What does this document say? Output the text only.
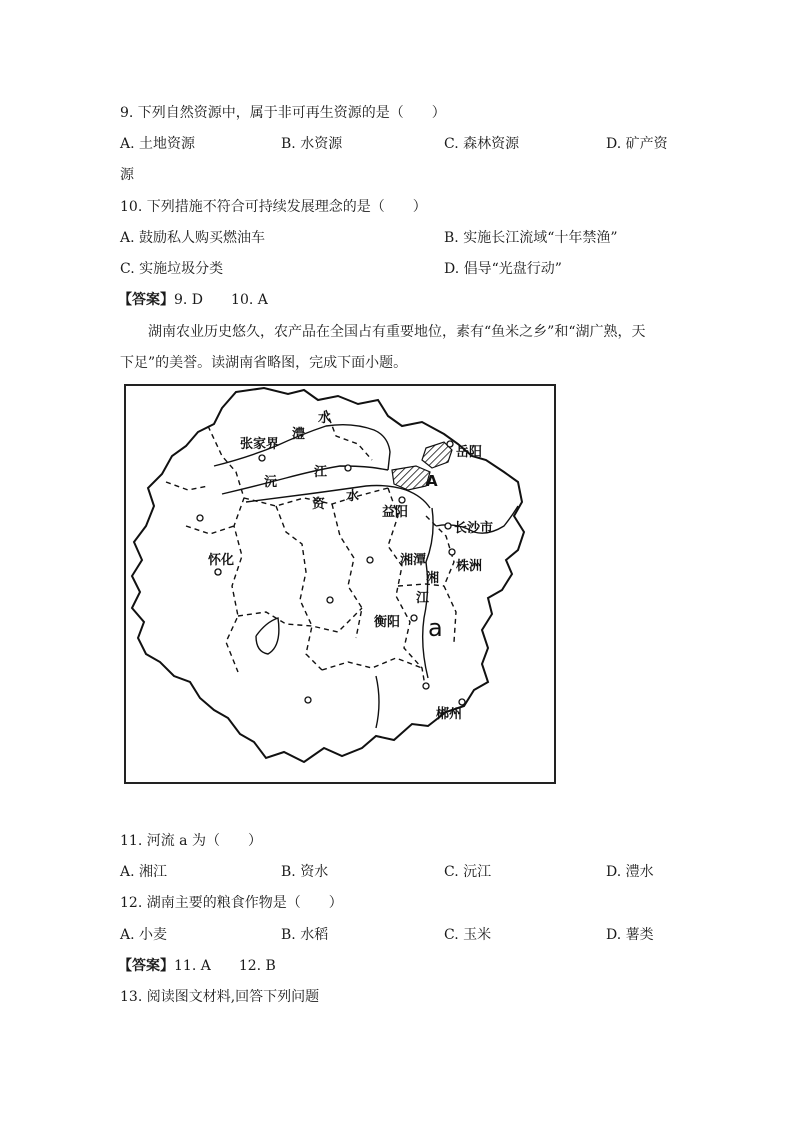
9. 下列自然资源中，属于非可再生资源的是（　　）
A. 土地资源	B. 水资源	C. 森林资源	D. 矿产资
源
10. 下列措施不符合可持续发展理念的是（　　）
A. 鼓励私人购买燃油车	B. 实施长江流域“十年禁渔”
C. 实施垃圾分类	D. 倡导“光盘行动”
【答案】9. D　　10. A
湖南农业历史悠久，农产品在全国占有重要地位，素有“鱼米之乡”和“湖广熟，天
下足”的美誉。读湖南省略图，完成下面小题。
张家界
岳阳
益阳
长沙市
怀化	湘潭 株洲
衡阳
郴州
澧
水
沅
江
资
水
湘
江
A
a
11. 河流 a 为（　　）
A. 湘江	B. 资水	C. 沅江	D. 澧水
12. 湖南主要的粮食作物是（　　）
A. 小麦	B. 水稻	C. 玉米	D. 薯类
【答案】11. A　　12. B
13. 阅读图文材料,回答下列问题
